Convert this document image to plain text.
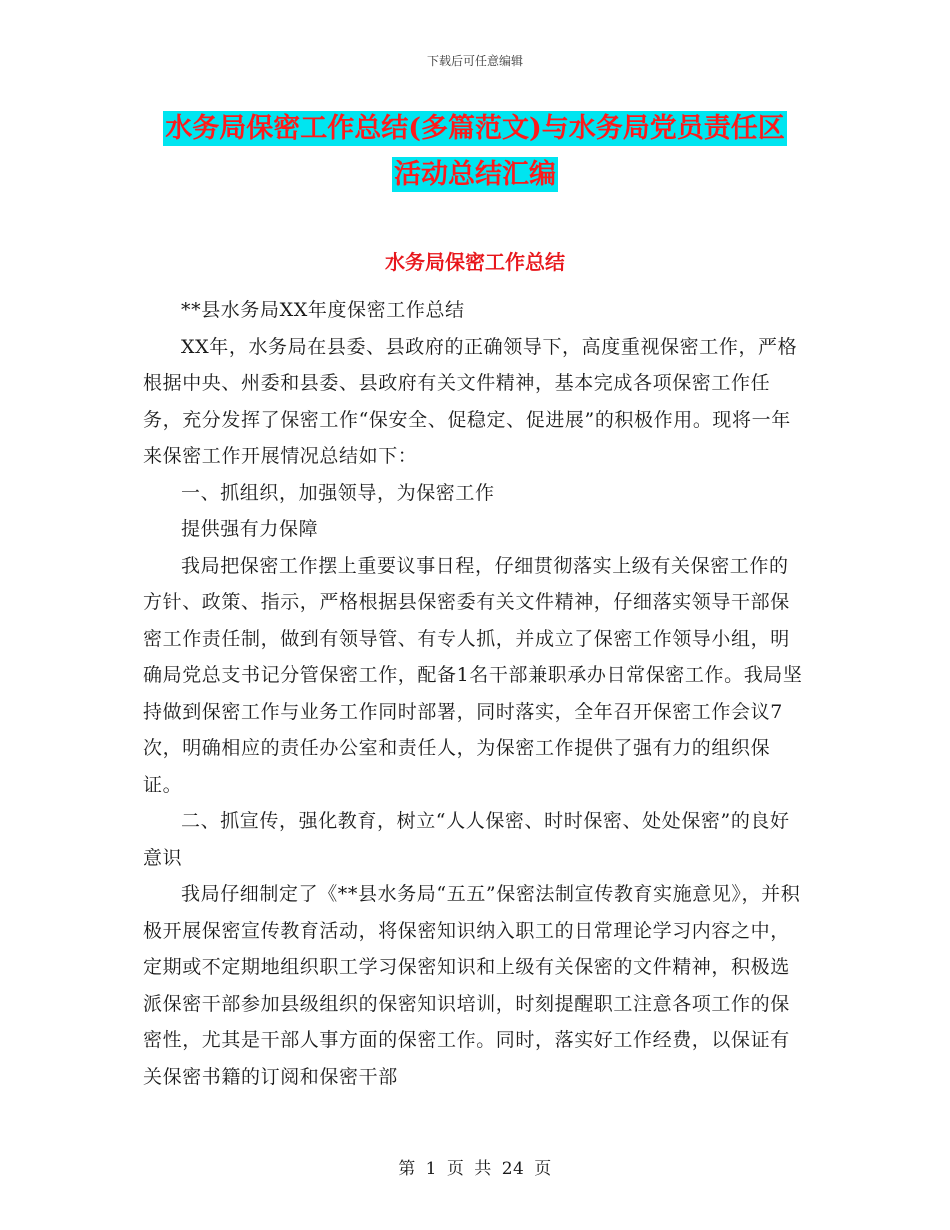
下载后可任意编辑
水务局保密工作总结(多篇范文)与水务局党员责任区
活动总结汇编
水务局保密工作总结

**县水务局XX年度保密工作总结

XX年，水务局在县委、县政府的正确领导下，高度重视保密工作，严格根据中央、州委和县委、县政府有关文件精神，基本完成各项保密工作任务，充分发挥了保密工作“保安全、促稳定、促进展”的积极作用。现将一年来保密工作开展情况总结如下：

一、抓组织，加强领导，为保密工作

提供强有力保障

我局把保密工作摆上重要议事日程，仔细贯彻落实上级有关保密工作的方针、政策、指示，严格根据县保密委有关文件精神，仔细落实领导干部保密工作责任制，做到有领导管、有专人抓，并成立了保密工作领导小组，明确局党总支书记分管保密工作，配备1名干部兼职承办日常保密工作。我局坚持做到保密工作与业务工作同时部署，同时落实，全年召开保密工作会议7次，明确相应的责任办公室和责任人，为保密工作提供了强有力的组织保证。

二、抓宣传，强化教育，树立“人人保密、时时保密、处处保密”的良好意识

我局仔细制定了《**县水务局“五五”保密法制宣传教育实施意见》，并积极开展保密宣传教育活动，将保密知识纳入职工的日常理论学习内容之中，定期或不定期地组织职工学习保密知识和上级有关保密的文件精神，积极选派保密干部参加县级组织的保密知识培训，时刻提醒职工注意各项工作的保密性，尤其是干部人事方面的保密工作。同时，落实好工作经费，以保证有关保密书籍的订阅和保密干部

第 1 页 共 24 页
